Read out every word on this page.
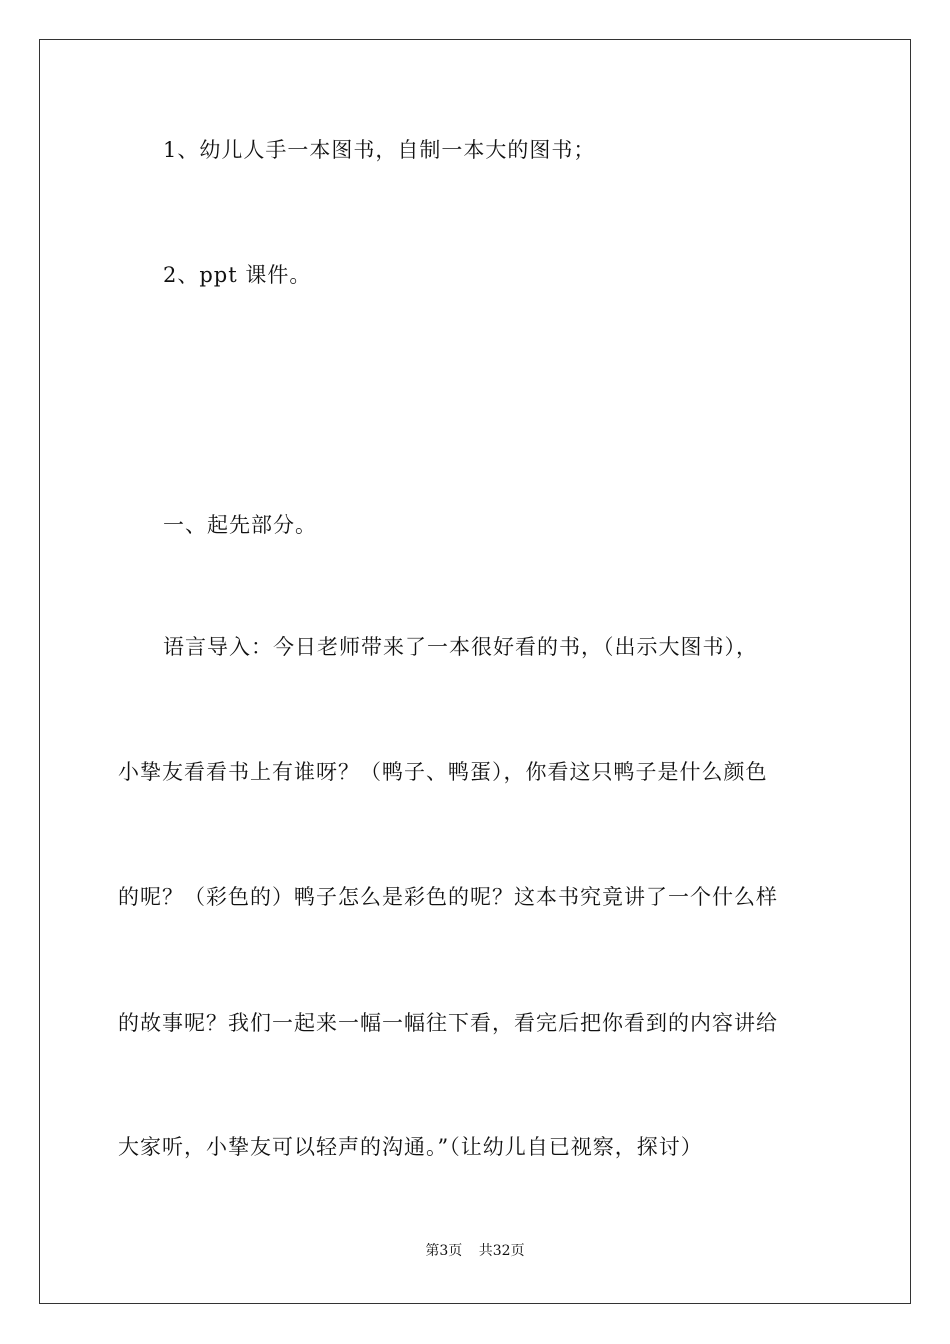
1、幼儿人手一本图书，自制一本大的图书；
2、ppt 课件。
一、起先部分。
语言导入：今日老师带来了一本很好看的书，（出示大图书），
小挚友看看书上有谁呀？（鸭子、鸭蛋），你看这只鸭子是什么颜色
的呢？（彩色的）鸭子怎么是彩色的呢？这本书究竟讲了一个什么样
的故事呢？我们一起来一幅一幅往下看，看完后把你看到的内容讲给
大家听，小挚友可以轻声的沟通。”（让幼儿自已视察，探讨）
第3页 共32页
